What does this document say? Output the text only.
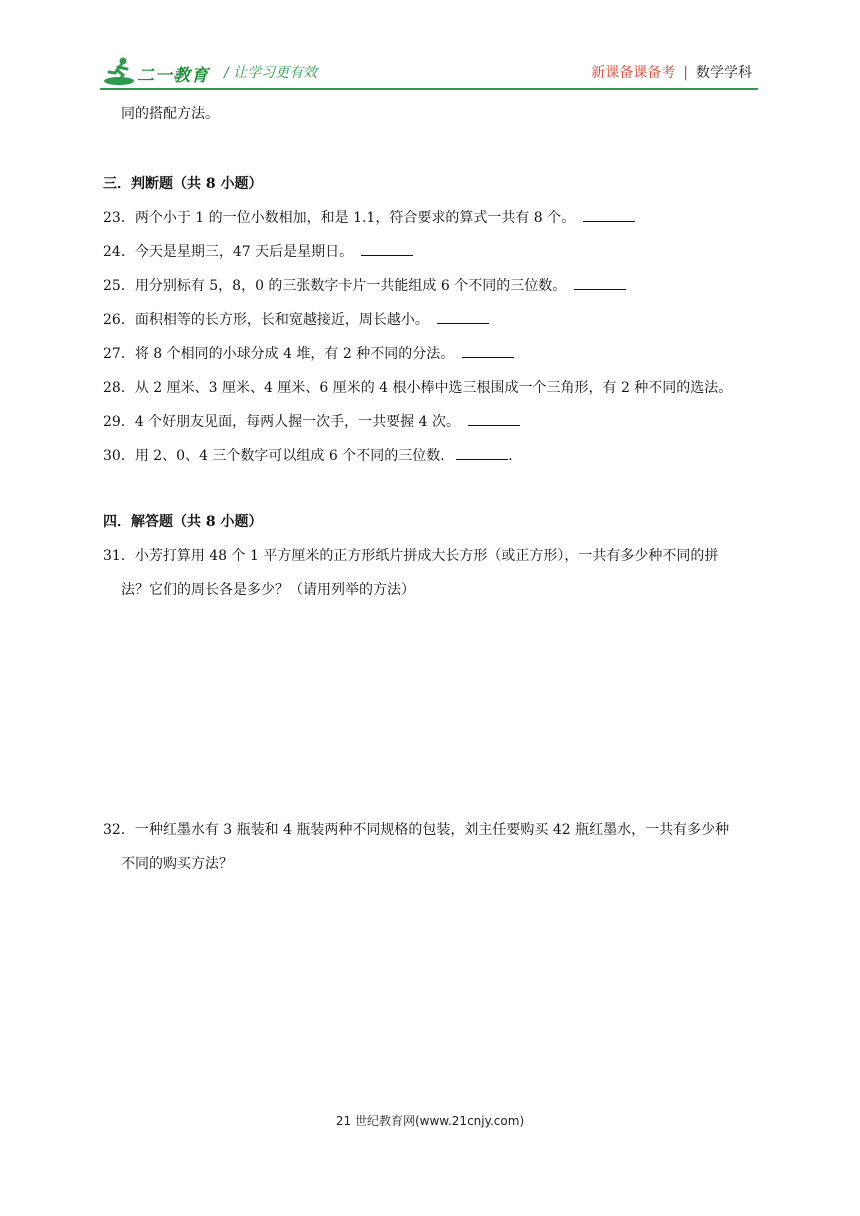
二一教育 / 让学习更有效	新课备课备考 | 数学学科
同的搭配方法。
三．判断题（共 8 小题）
23．两个小于 1 的一位小数相加，和是 1.1，符合要求的算式一共有 8 个。
24．今天是星期三，47 天后是星期日。
25．用分别标有 5，8，0 的三张数字卡片一共能组成 6 个不同的三位数。
26．面积相等的长方形，长和宽越接近，周长越小。
27．将 8 个相同的小球分成 4 堆，有 2 种不同的分法。
28．从 2 厘米、3 厘米、4 厘米、6 厘米的 4 根小棒中选三根围成一个三角形，有 2 种不同的选法。
29．4 个好朋友见面，每两人握一次手，一共要握 4 次。
30．用 2、0、4 三个数字可以组成 6 个不同的三位数．	．
四．解答题（共 8 小题）
31．小芳打算用 48 个 1 平方厘米的正方形纸片拼成大长方形（或正方形），一共有多少种不同的拼
法？它们的周长各是多少？（请用列举的方法）
32．一种红墨水有 3 瓶装和 4 瓶装两种不同规格的包装，刘主任要购买 42 瓶红墨水，一共有多少种
不同的购买方法？
21 世纪教育网(www.21cnjy.com)
